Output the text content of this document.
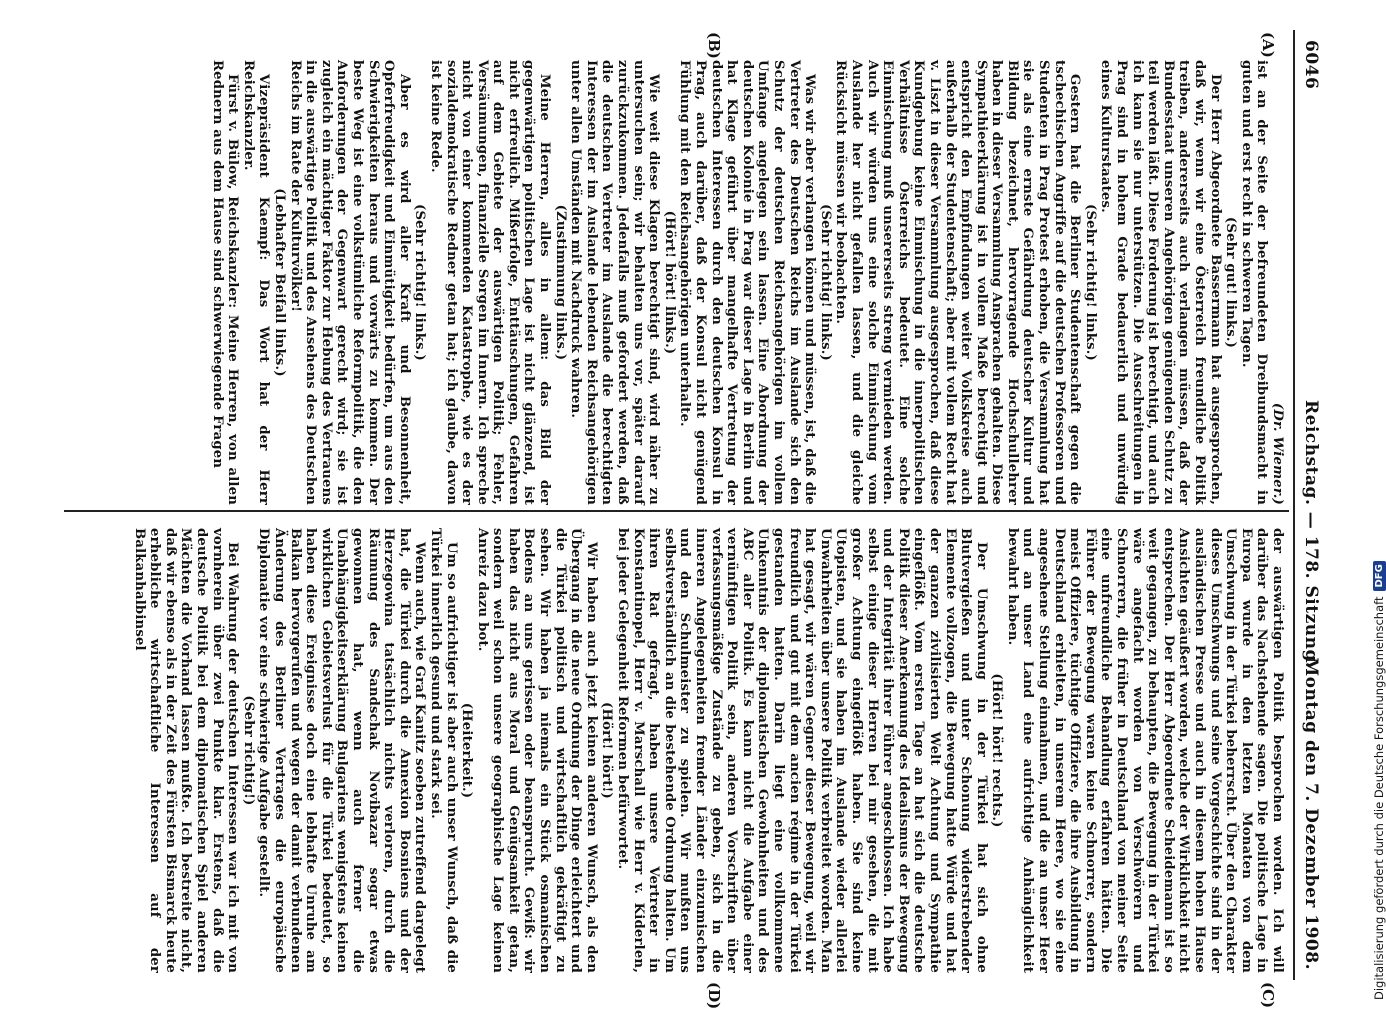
6046
Reichstag. — 178. Sitzung.
Montag den 7. Dezember 1908.
(A)
(B)
(C)
(D)

(Dr. Wiemer.)

ist an der Seite der befreundeten Dreibundsmacht in guten und erst recht in schweren Tagen.

(Sehr gut! links.)

Der Herr Abgeordnete Bassermann hat ausgesprochen, daß wir, wenn wir eine Österreich freundliche Politik treiben, andererseits auch verlangen müssen, daß der Bundesstaat unseren Angehörigen genügenden Schutz zu teil werden läßt. Diese Forderung ist berechtigt, und auch ich kann sie nur unterstützen. Die Ausschreitungen in Prag sind in hohem Grade bedauerlich und unwürdig eines Kulturstaates.

(Sehr richtig! links.)

Gestern hat die Berliner Studentenschaft gegen die tschechischen Angriffe auf die deutschen Professoren und Studenten in Prag Protest erhoben, die Versammlung hat sie als eine ernste Gefährdung deutscher Kultur und Bildung bezeichnet, hervorragende Hochschullehrer haben in dieser Versammlung Ansprachen gehalten. Diese Sympathieerklärung ist in vollem Maße berechtigt und entspricht den Empfindungen weiter Volkskreise auch außerhalb der Studentenschaft; aber mit vollem Recht hat v. Liszt in dieser Versammlung ausgesprochen, daß diese Kundgebung keine Einmischung in die innerpolitischen Verhältnisse Österreichs bedeutet. Eine solche Einmischung muß unsererseits streng vermieden werden. Auch wir würden uns eine solche Einmischung vom Auslande her nicht gefallen lassen, und die gleiche Rücksicht müssen wir beobachten.

(Sehr richtig! links.)

Was wir aber verlangen können und müssen, ist, daß die Vertreter des Deutschen Reichs im Auslande sich den Schutz der deutschen Reichsangehörigen im vollem Umfange angelegen sein lassen. Eine Abordnung der deutschen Kolonie in Prag war dieser Lage in Berlin und hat Klage geführt über mangelhafte Vertretung der deutschen Interessen durch den deutschen Konsul in Prag, auch darüber, daß der Konsul nicht genügend Fühlung mit den Reichsangehörigen unterhalte.

(Hört! hört! links.)

Wie weit diese Klagen berechtigt sind, wird näher zu untersuchen sein; wir behalten uns vor, später darauf zurückzukommen. Jedenfalls muß gefordert werden, daß die deutschen Vertreter im Auslande die berechtigten Interessen der im Auslande lebenden Reichsangehörigen unter allen Umständen mit Nachdruck wahren.

(Zustimmung links.)

Meine Herren, alles in allem: das Bild der gegenwärtigen politischen Lage ist nicht glänzend, ist nicht erfreulich. Mißerfolge, Enttäuschungen, Gefahren auf dem Gebiete der auswärtigen Politik; Fehler, Versäumungen, finanzielle Sorgen im Innern. Ich spreche nicht von einer kommenden Katastrophe, wie es der sozialdemokratische Redner getan hat; ich glaube, davon ist keine Rede.

(Sehr richtig! links.)

Aber es wird aller Kraft und Besonnenheit, Opferfreudigkeit und Einmütigkeit bedürfen, um aus den Schwierigkeiten heraus und vorwärts zu kommen. Der beste Weg ist eine volkstümliche Reformpolitik, die den Anforderungen der Gegenwart gerecht wird; sie ist zugleich ein mächtiger Faktor zur Hebung des Vertrauens in die auswärtige Politik und des Ansehens des Deutschen Reichs im Rate der Kulturvölker!

(Lebhafter Beifall links.)

Vizepräsident Kaempf: Das Wort hat der Herr Reichskanzler.

Fürst v. Bülow, Reichskanzler: Meine Herren, von allen Rednern aus dem Hause sind schwerwiegende Fragen

der auswärtigen Politik besprochen worden. Ich will darüber das Nachstehende sagen. Die politische Lage in Europa wurde in den letzten Monaten von dem Umschwung in der Türkei beherrscht. Über den Charakter dieses Umschwungs und seine Vorgeschichte sind in der ausländischen Presse und auch in diesem hohen Hause Ansichten geäußert worden, welche der Wirklichkeit nicht entsprechen. Der Herr Abgeordnete Scheidemann ist so weit gegangen, zu behaupten, die Bewegung in der Türkei wäre angefacht worden von Verschwörern und Schnorrern, die früher in Deutschland von meiner Seite eine unfreundliche Behandlung erfahren hätten. Die Führer der Bewegung waren keine Schnorrer, sondern meist Offiziere, tüchtige Offiziere, die ihre Ausbildung in Deutschland erhielten, in unserem Heere, wo sie eine angesehene Stellung einnahmen, und die an unser Heer und an unser Land eine aufrichtige Anhänglichkeit bewahrt haben.

(Hört! hört! rechts.)

Der Umschwung in der Türkei hat sich ohne Blutvergießen und unter Schonung widerstrebender Elemente vollzogen, die Bewegung hatte Würde und hat der ganzen zivilisierten Welt Achtung und Sympathie eingeflößt. Vom ersten Tage an hat sich die deutsche Politik dieser Anerkennung des Idealismus der Bewegung und der Integrität ihrer Führer angeschlossen. Ich habe selbst einige dieser Herren bei mir gesehen, die mit großer Achtung eingeflößt haben. Sie sind keine Utopisten, und sie haben im Auslande wieder allerlei Unwahrheiten über unsere Politik verbreitet worden. Man hat gesagt, wir wären Gegner dieser Bewegung, weil wir freundlich und gut mit dem ancien régime in der Türkei gestanden hatten. Darin liegt eine vollkommene Unkenntnis der diplomatischen Gewohnheiten und des ABC aller Politik. Es kann nicht die Aufgabe einer vernünftigen Politik sein, anderen Vorschriften über verfassungsmäßige Zustände zu geben, sich in die inneren Angelegenheiten fremder Länder einzumischen und den Schulmeister zu spielen. Wir mußten uns selbstverständlich an die bestehende Ordnung halten. Um ihren Rat gefragt, haben unsere Vertreter in Konstantinopel, Herr v. Marschall wie Herr v. Kiderlen, bei jeder Gelegenheit Reformen befürwortet.

(Hört! hört!)

Wir haben auch jetzt keinen anderen Wunsch, als den Übergang in die neue Ordnung der Dinge erleichtert und die Türkei politisch und wirtschaftlich gekräftigt zu sehen. Wir haben ja niemals ein Stück osmanischen Bodens an uns gerissen oder beansprucht. Gewiß: wir haben das nicht aus Moral und Genügsamkeit getan, sondern weil schon unsere geographische Lage keinen Anreiz dazu bot.

(Heiterkeit.)

Um so aufrichtiger ist aber auch unser Wunsch, daß die Türkei innerlich gesund und stark sei.

Wenn auch, wie Graf Kanitz soeben zutreffend dargelegt hat, die Türkei durch die Annexion Bosniens und der Herzegowina tatsächlich nichts verloren, durch die Räumung des Sandschak Novibazar sogar etwas gewonnen hat, wenn auch ferner die Unabhängigkeitserklärung Bulgariens wenigstens keinen wirklichen Gebietsverlust für die Türkei bedeutet, so haben diese Ereignisse doch eine lebhafte Unruhe am Balkan hervorgerufen und wegen der damit verbundenen Änderung des Berliner Vertrages die europäische Diplomatie vor eine schwierige Aufgabe gestellt.

(Sehr richtig!)

Bei Wahrung der deutschen Interessen war ich mit von vornherein über zwei Punkte klar. Erstens, daß die deutsche Politik bei dem diplomatischen Spiel anderen Mächten die Vorhand lassen mußte. Ich bestreite nicht, daß wir ebenso als in der Zeit des Fürsten Bismarck heute erhebliche wirtschaftliche Interessen auf der Balkanhalbinsel

Digitalisierung gefördert durch die Deutsche Forschungsgemeinschaft
DFG
